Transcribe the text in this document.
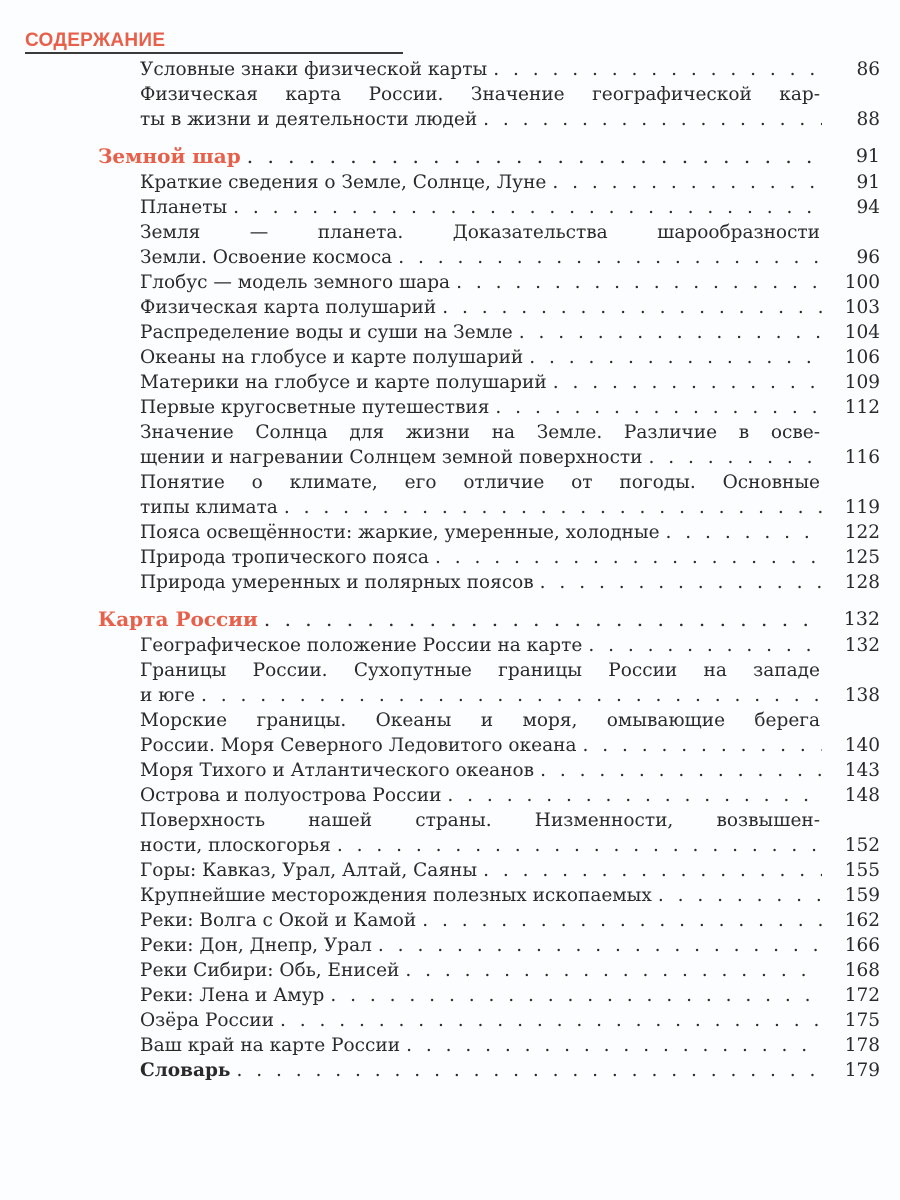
СОДЕРЖАНИЕ
Условные знаки физической карты . . .	86
Физическая карта России. Значение географической кар-
ты в жизни и деятельности людей . . .	88
Земной шар . . .	91
Краткие сведения о Земле, Солнце, Луне . . .	91
Планеты . . .	94
Земля — планета. Доказательства шарообразности
Земли. Освоение космоса . . .	96
Глобус — модель земного шара . . .	100
Физическая карта полушарий . . .	103
Распределение воды и суши на Земле . . .	104
Океаны на глобусе и карте полушарий . . .	106
Материки на глобусе и карте полушарий . . .	109
Первые кругосветные путешествия . . .	112
Значение Солнца для жизни на Земле. Различие в осве-
щении и нагревании Солнцем земной поверхности . . .	116
Понятие о климате, его отличие от погоды. Основные
типы климата . . .	119
Пояса освещённости: жаркие, умеренные, холодные . . .	122
Природа тропического пояса . . .	125
Природа умеренных и полярных поясов . . .	128
Карта России . . .	132
Географическое положение России на карте . . .	132
Границы России. Сухопутные границы России на западе
и юге . . .	138
Морские границы. Океаны и моря, омывающие берега
России. Моря Северного Ледовитого океана . . .	140
Моря Тихого и Атлантического океанов . . .	143
Острова и полуострова России . . .	148
Поверхность нашей страны. Низменности, возвышен-
ности, плоскогорья . . .	152
Горы: Кавказ, Урал, Алтай, Саяны . . .	155
Крупнейшие месторождения полезных ископаемых . . .	159
Реки: Волга с Окой и Камой . . .	162
Реки: Дон, Днепр, Урал . . .	166
Реки Сибири: Обь, Енисей . . .	168
Реки: Лена и Амур . . .	172
Озёра России . . .	175
Ваш край на карте России . . .	178
Словарь . . .	179
